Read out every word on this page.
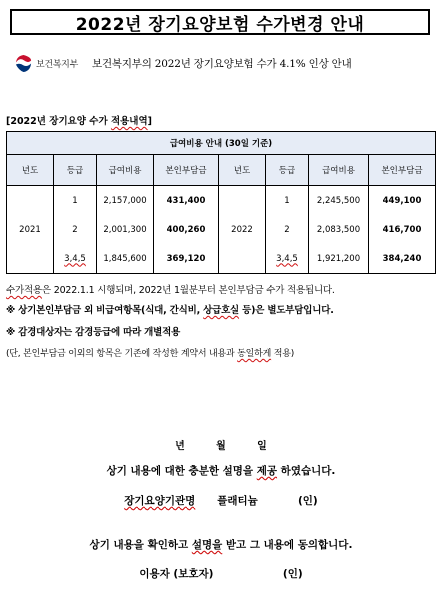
2022년 장기요양보험 수가변경 안내
보건복지부 보건복지부의 2022년 장기요양보험 수가 4.1% 인상 안내
[2022년 장기요양 수가 적용내역]
급여비용 안내 (30일 기준)							
년도	등급	급여비용	본인부담금	년도	등급	급여비용	본인부담금
2021	1	2,157,000	431,400	2022	1	2,245,500	449,100
	2	2,001,300	400,260		2	2,083,500	416,700
	3,4,5	1,845,600	369,120		3,4,5	1,921,200	384,240
수가적용은 2022.1.1 시행되며, 2022년 1월분부터 본인부담금 수가 적용됩니다.
※ 상기본인부담금 외 비급여항목(식대, 간식비, 상급호실 등)은 별도부담입니다.
※ 감경대상자는 감경등급에 따라 개별적용
(단, 본인부담금 이외의 항목은 기존에 작성한 계약서 내용과 동일하게 적용)
년         월         일
상기 내용에 대한 충분한 설명을 제공 하였습니다.
장기요양기관명      플래티늄           (인)
상기 내용을 확인하고 설명을 받고 그 내용에 동의합니다.
이용자 (보호자)                   (인)
